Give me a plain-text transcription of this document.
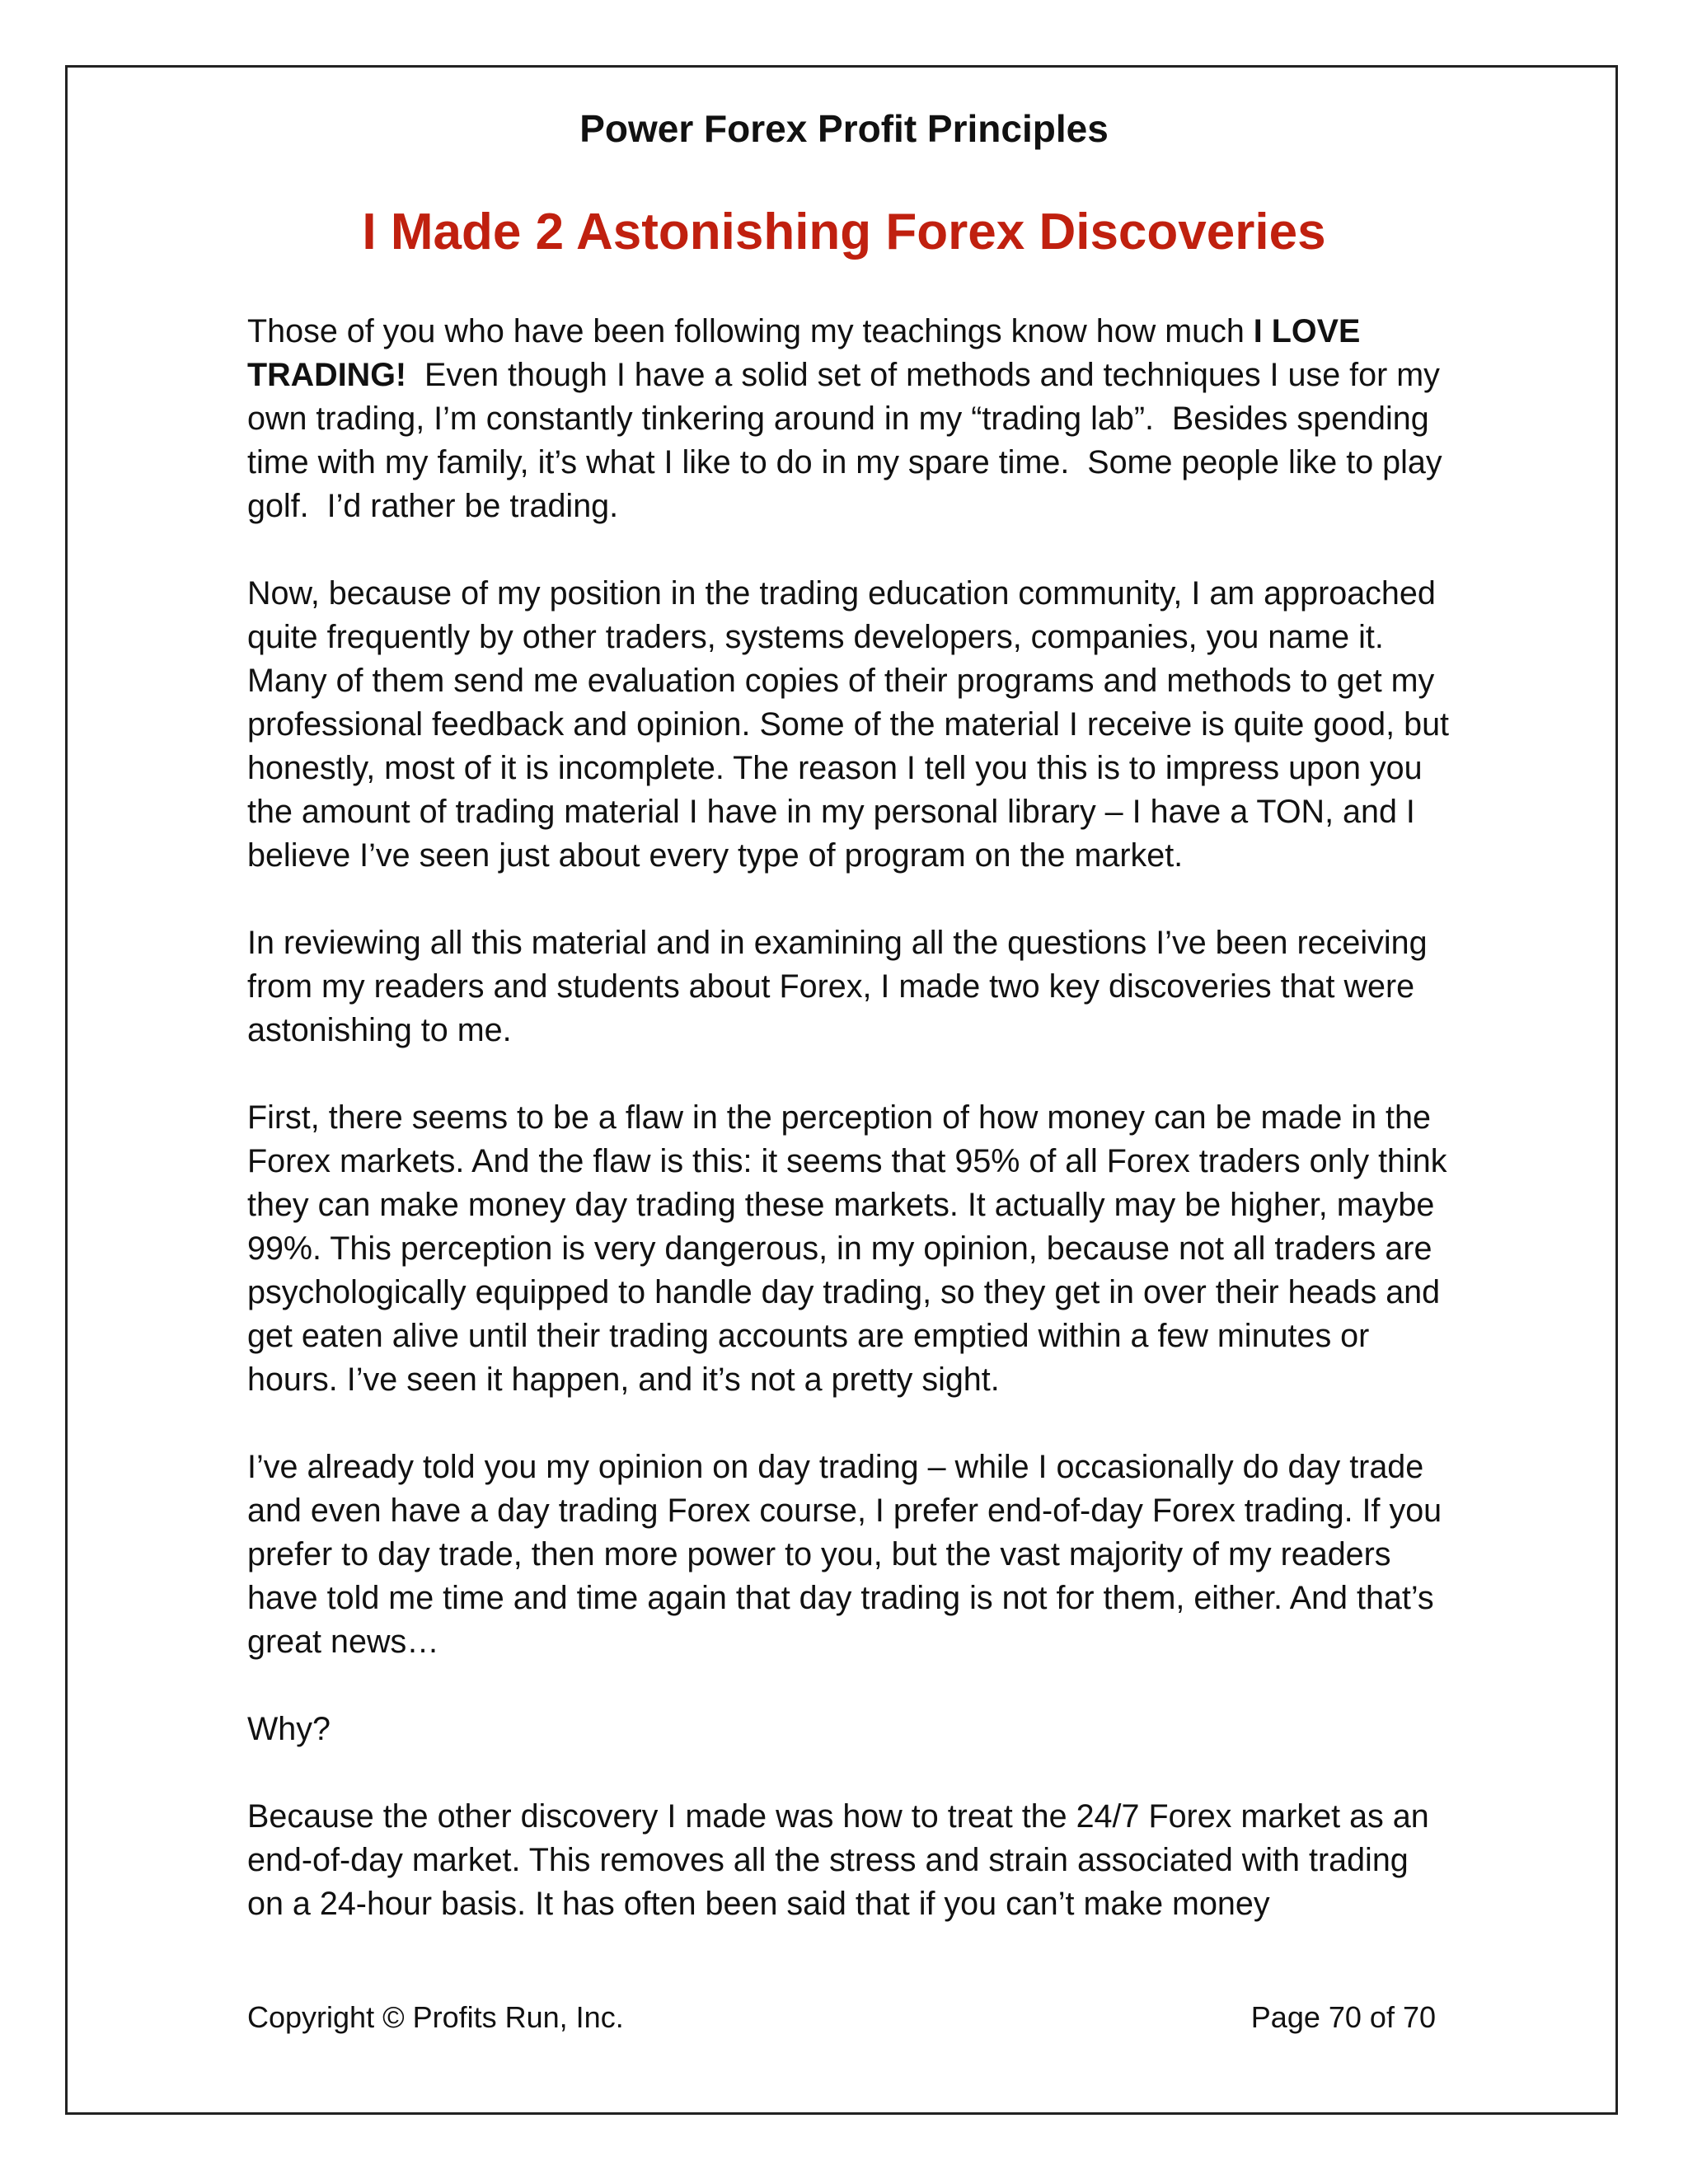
Power Forex Profit Principles
I Made 2 Astonishing Forex Discoveries

Those of you who have been following my teachings know how much I LOVE TRADING!  Even though I have a solid set of methods and techniques I use for my own trading, I’m constantly tinkering around in my “trading lab”.  Besides spending time with my family, it’s what I like to do in my spare time.  Some people like to play golf.  I’d rather be trading.

Now, because of my position in the trading education community, I am approached quite frequently by other traders, systems developers, companies, you name it. Many of them send me evaluation copies of their programs and methods to get my professional feedback and opinion. Some of the material I receive is quite good, but honestly, most of it is incomplete. The reason I tell you this is to impress upon you the amount of trading material I have in my personal library – I have a TON, and I believe I’ve seen just about every type of program on the market.

In reviewing all this material and in examining all the questions I’ve been receiving from my readers and students about Forex, I made two key discoveries that were astonishing to me.

First, there seems to be a flaw in the perception of how money can be made in the Forex markets. And the flaw is this: it seems that 95% of all Forex traders only think they can make money day trading these markets. It actually may be higher, maybe 99%. This perception is very dangerous, in my opinion, because not all traders are psychologically equipped to handle day trading, so they get in over their heads and get eaten alive until their trading accounts are emptied within a few minutes or hours. I’ve seen it happen, and it’s not a pretty sight.

I’ve already told you my opinion on day trading – while I occasionally do day trade and even have a day trading Forex course, I prefer end-of-day Forex trading. If you prefer to day trade, then more power to you, but the vast majority of my readers have told me time and time again that day trading is not for them, either. And that’s great news…

Why?

Because the other discovery I made was how to treat the 24/7 Forex market as an end-of-day market. This removes all the stress and strain associated with trading on a 24-hour basis. It has often been said that if you can’t make money

Copyright © Profits Run, Inc.	Page 70 of 70
